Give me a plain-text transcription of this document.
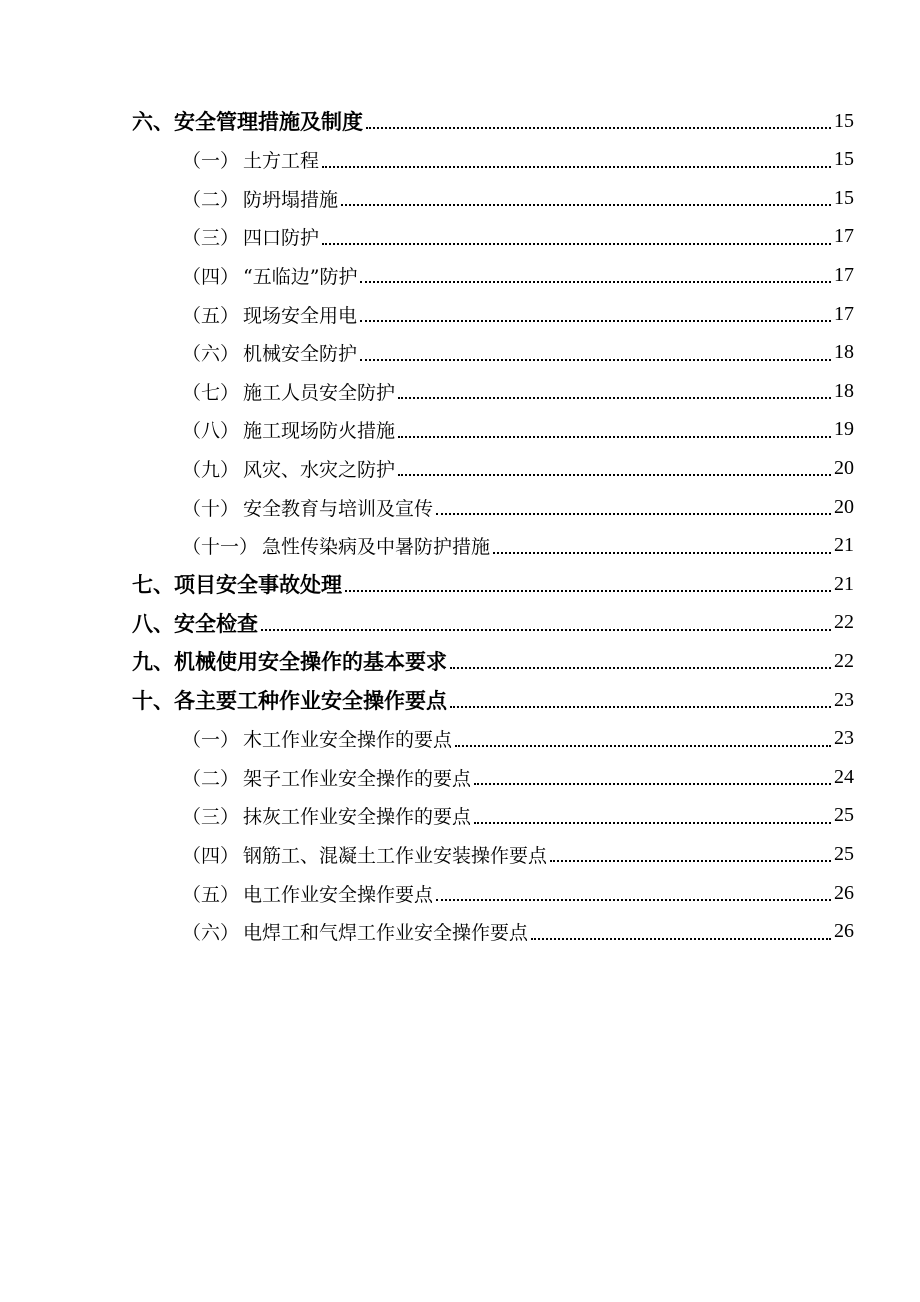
六、 安全管理措施及制度	15
（一） 土方工程	15
（二） 防坍塌措施	15
（三） 四口防护	17
（四） “五临边”防护	17
（五） 现场安全用电	17
（六） 机械安全防护	18
（七） 施工人员安全防护	18
（八） 施工现场防火措施	19
（九） 风灾、水灾之防护	20
（十） 安全教育与培训及宣传	20
（十一） 急性传染病及中暑防护措施	21
七、 项目安全事故处理	21
八、 安全检查	22
九、 机械使用安全操作的基本要求	22
十、 各主要工种作业安全操作要点	23
（一） 木工作业安全操作的要点	23
（二） 架子工作业安全操作的要点	24
（三） 抹灰工作业安全操作的要点	25
（四） 钢筋工、混凝土工作业安装操作要点	25
（五） 电工作业安全操作要点	26
（六） 电焊工和气焊工作业安全操作要点	26
